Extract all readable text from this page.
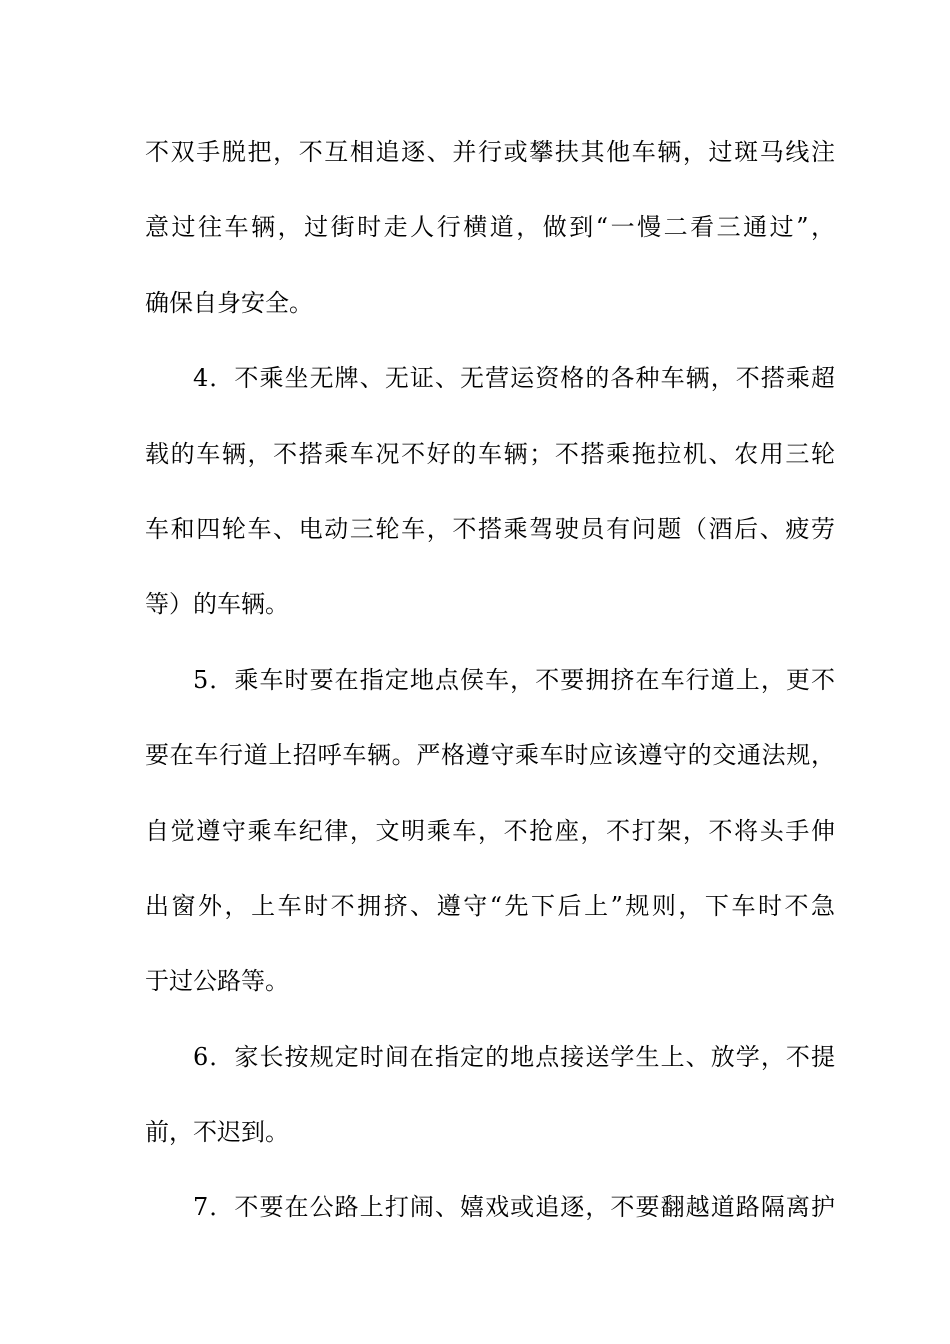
不双手脱把，不互相追逐、并行或攀扶其他车辆，过斑马线注
意过往车辆，过街时走人行横道，做到“一慢二看三通过”，
确保自身安全。
4．不乘坐无牌、无证、无营运资格的各种车辆，不搭乘超
载的车辆，不搭乘车况不好的车辆；不搭乘拖拉机、农用三轮
车和四轮车、电动三轮车，不搭乘驾驶员有问题（酒后、疲劳
等）的车辆。
5．乘车时要在指定地点侯车，不要拥挤在车行道上，更不
要在车行道上招呼车辆。严格遵守乘车时应该遵守的交通法规，
自觉遵守乘车纪律，文明乘车，不抢座，不打架，不将头手伸
出窗外，上车时不拥挤、遵守“先下后上”规则，下车时不急
于过公路等。
6．家长按规定时间在指定的地点接送学生上、放学，不提
前，不迟到。
7．不要在公路上打闹、嬉戏或追逐，不要翻越道路隔离护
